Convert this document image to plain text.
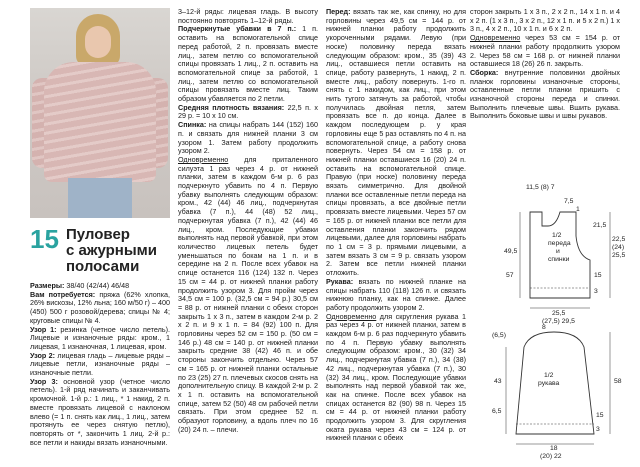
15 Пуловер
с ажурными
полосами

Размеры: 38/40 (42/44) 46/48

Вам потребуется: пряжа (62% хлопка, 26% вискозы, 12% льна; 160 м/50 г) – 400 (450) 500 г розовой/дерева; спицы № 4; круговые спицы № 4.

Узор 1: резинка (четное число петель). Лицевые и изнаночные ряды: кром., 1 лицевая, 1 изнаночная, 1 лицевая, кром.

Узор 2: лицевая гладь – лицевые ряды – лицевые петли, изнаночные ряды – изнаночные петли.

Узор 3: основной узор (четное число петель). 1-й ряд начинать и заканчивать кромочной. 1-й р.: 1 лиц., * 1 накид, 2 п. вместе провязать лицевой с наклоном влево (= 1 п. снять как лиц., 1 лиц., затем протянуть ее через снятую петлю), повторять от *, закончить 1 лиц. 2-й р.: все петли и накиды вязать изнаночными.

3–12-й ряды: лицевая гладь. В высоту постоянно повторять 1–12-й ряды.

Подчеркнутые убавки в 7 п.: 1 п. оставить на вспомогательной спице перед работой, 2 п. провязать вместе лиц., затем петлю со вспомогательной спицы провязать 1 лиц., 2 п. оставить на вспомогательной спице за работой, 1 лиц., затем петлю со вспомогательной спицы провязать вместе лиц. Таким образом убавляется по 2 петли.

Средняя плотность вязания: 22,5 п. x 29 р. = 10 x 10 см.

Спинка: на спицы набрать 144 (152) 160 п. и связать для нижней планки 3 см узором 1. Затем работу продолжить узором 2.

Одновременно для приталенного силуэта 1 раз через 4 р. от нижней планки, затем в каждом 6-м р. 6 раз подчеркнуто убавить по 4 п. Первую убавку выполнять следующим образом: кром., 42 (44) 46 лиц., подчеркнутая убавка (7 п.), 44 (48) 52 лиц., подчеркнутая убавка (7 п.), 42 (44) 46 лиц., кром. Последующие убавки выполнять над первой убавкой, при этом количество лицевых петель будет уменьшаться по бокам на 1 п. и в середине на 2 п. После всех убавок на спице останется 116 (124) 132 п. Через 15 см = 44 р. от нижней планки работу продолжить узором 3. Для пройм через 34,5 см = 100 р. (32,5 см = 94 р.) 30,5 см = 88 р. от нижней планки с обеих сторон закрыть 1 x 3 п., затем в каждом 2-м р. 2 x 2 п. и 9 x 1 п. = 84 (92) 100 п. Для горловины через 52 см = 150 р. (50 см = 146 р.) 48 см = 140 р. от нижней планки закрыть средние 38 (42) 46 п. и обе стороны закончить отдельно. Через 57 см = 165 р. от нижней планки остальные по 23 (25) 27 п. плечевых скосов снять на дополнительную спицу. В каждой 2-м р. 2 x 1 п. оставить на вспомогательной спице, затем 52 (50) 48 см рабочей петли связать. При этом среднее 52 п. образуют горловину, а вдоль плеч по 16 (20) 24 п. – плечи.

Перед: вязать так же, как спинку, но для горловины через 49,5 см = 144 р. от нижней планки работу продолжить укороченными рядами. Левую (при носке) половинку переда вязать следующим образом: кром., 35 (39) 43 лиц., оставшиеся петли оставить на спице, работу развернуть, 1 накид, 2 п. вместе лиц., работу повернуть. 1-го п. снять с 1 накидом, как лиц., при этом нить тугого затянуть за работой, чтобы получилась двойная петля, затем провязать все п. до конца. Далее в каждом последующем р. у края горловины еще 5 раз оставлять по 4 п. на вспомогательной спице, а работу снова повернуть. Через 54 см = 158 р. от нижней планки оставшиеся 16 (20) 24 п. оставить на вспомогательной спице. Правую (при носке) половинку переда вязать симметрично. Для двойной планки все оставленные петли переда на спицы провязать, а все двойные петли провязать вместе лицевыми. Через 57 см = 165 р. от нижней планки все петли для оставления планки закончить рядом лицевыми, далее для горловины набрать по 1 см = 3 р. прямыми лицевыми, а затем вязать 3 см = 9 р. связать узором 2. Затем все петли нижней планки отложить.

Рукава: вязать по нижней планке на спицы набрать 110 (118) 126 п. и связать нижнюю планку, как на спинке. Далее работу продолжить узором 2.

Одновременно для скругления рукава 1 раз через 4 р. от нижней планки, затем в каждом 6-м р. 6 раз подчеркнуто убавить по 4 п. Первую убавку выполнять следующим образом: кром., 30 (32) 34 лиц., подчеркнутая убавка (7 п.), 34 (38) 42 лиц., подчеркнутая убавка (7 п.), 30 (32) 34 лиц., кром. Последующие убавки выполнять над первой убавкой так же, как на спинке. После всех убавок на спицах останется 82 (90) 98 п. Через 15 см = 44 р. от нижней планки работу продолжить узором 3. Для скругления оката рукава через 43 см = 124 р. от нижней планки с обеих

сторон закрыть 1 x 3 п., 2 x 2 п., 14 x 1 п. и 4 x 2 п. (1 x 3 п., 3 x 2 п., 12 x 1 п. и 5 x 2 п.) 1 x 3 п., 4 x 2 п., 10 x 1 п. и 6 x 2 п.

Одновременно через 53 см = 154 р. от нижней планки работу продолжить узором 2. Через 58 см = 168 р. от нижней планки оставшиеся 18 (26) 26 п. закрыть.

Сборка: внутренние половинки двойных планок горловины изнаночные стороны, оставленные петли планки пришить с изнаночной стороны переда и спинки. Выполнить плечевые швы. Вшить рукава. Выполнить боковые швы и швы рукавов.

11,5 (8) 7
7,5
1
21,5
22,5
(24)
25,5
49,5
57
1/2
переда
и
спинки
15
3
25,5
(27,5) 29,5
8
(6,5)
1/2
рукава
43	58
6,5
15
3
18
(20) 22
